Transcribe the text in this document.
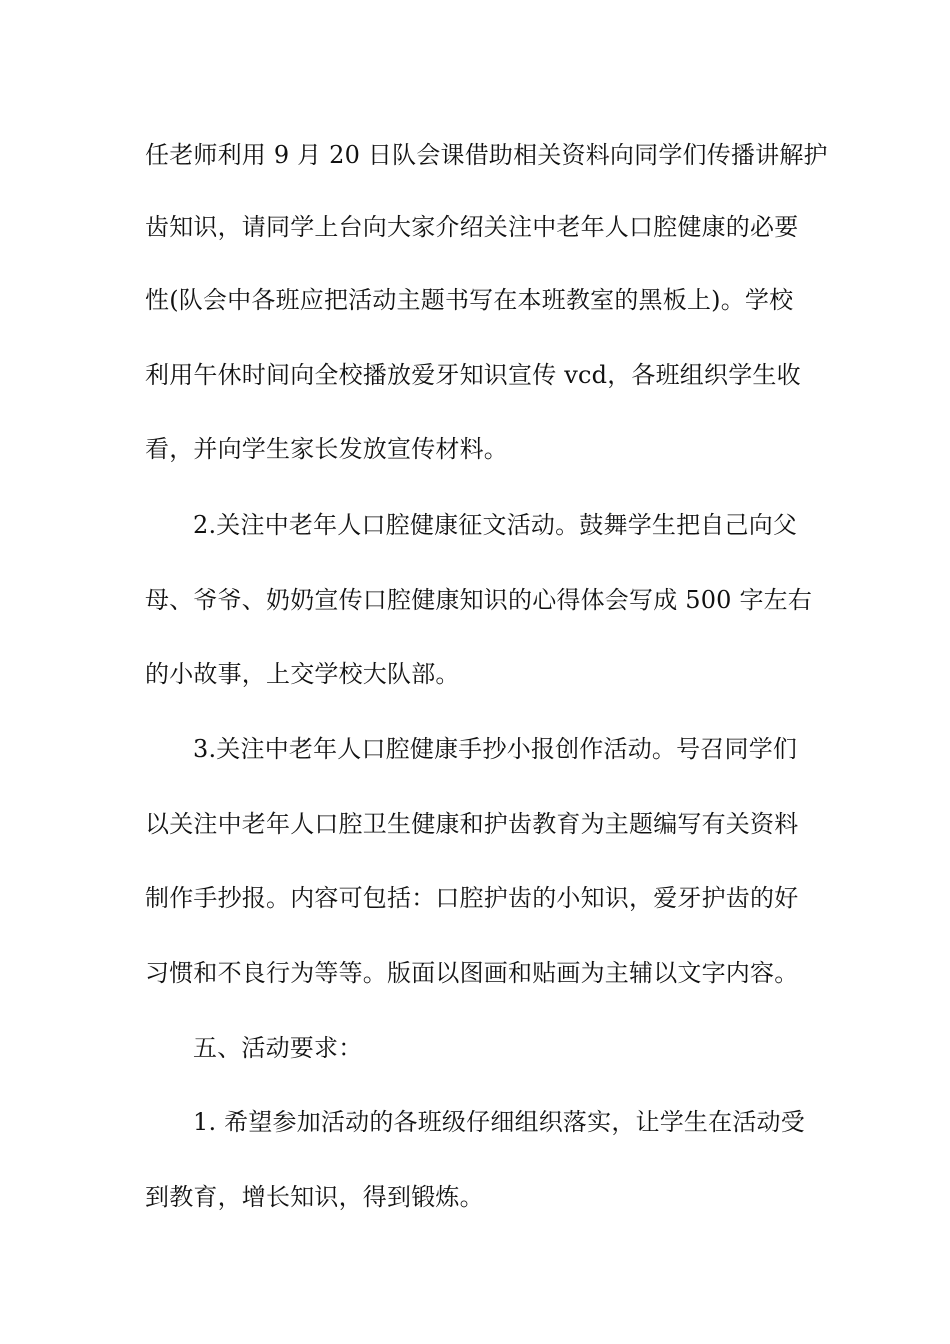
任老师利用 9 月 20 日队会课借助相关资料向同学们传播讲解护
齿知识，请同学上台向大家介绍关注中老年人口腔健康的必要
性(队会中各班应把活动主题书写在本班教室的黑板上)。学校
利用午休时间向全校播放爱牙知识宣传 vcd，各班组织学生收
看，并向学生家长发放宣传材料。
2.关注中老年人口腔健康征文活动。鼓舞学生把自己向父
母、爷爷、奶奶宣传口腔健康知识的心得体会写成 500 字左右
的小故事，上交学校大队部。
3.关注中老年人口腔健康手抄小报创作活动。号召同学们
以关注中老年人口腔卫生健康和护齿教育为主题编写有关资料
制作手抄报。内容可包括：口腔护齿的小知识，爱牙护齿的好
习惯和不良行为等等。版面以图画和贴画为主辅以文字内容。
五、活动要求：
1. 希望参加活动的各班级仔细组织落实，让学生在活动受
到教育，增长知识，得到锻炼。
